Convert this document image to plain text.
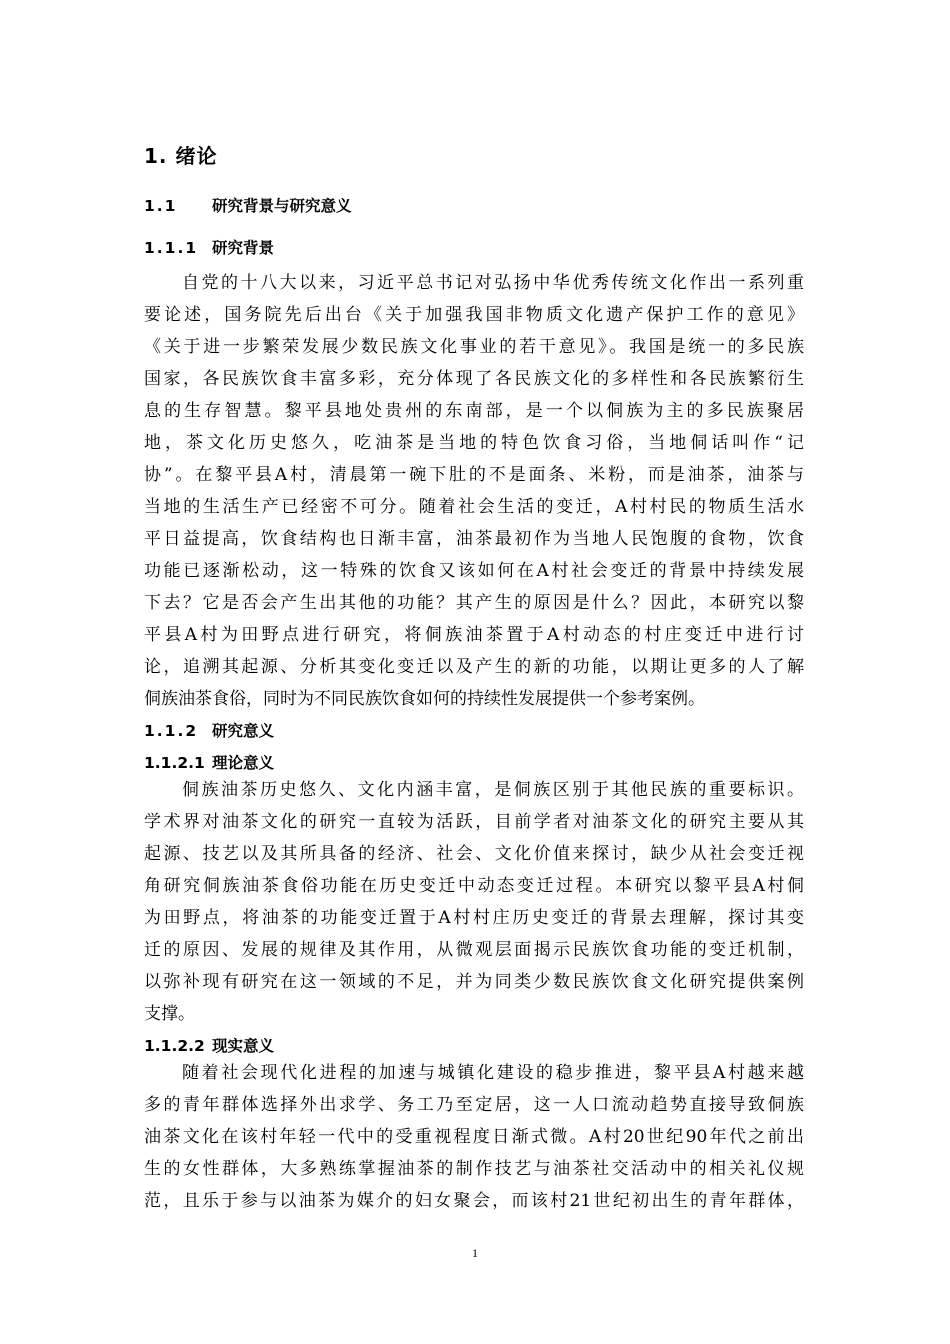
1. 绪论
1.1 研究背景与研究意义
1.1.1 研究背景
自党的十八大以来，习近平总书记对弘扬中华优秀传统文化作出一系列重
要论述，国务院先后出台《关于加强我国非物质文化遗产保护工作的意见》
《关于进一步繁荣发展少数民族文化事业的若干意见》。我国是统一的多民族
国家，各民族饮食丰富多彩，充分体现了各民族文化的多样性和各民族繁衍生
息的生存智慧。黎平县地处贵州的东南部，是一个以侗族为主的多民族聚居
地，茶文化历史悠久，吃油茶是当地的特色饮食习俗，当地侗话叫作“记
协”。在黎平县A村，清晨第一碗下肚的不是面条、米粉，而是油茶，油茶与
当地的生活生产已经密不可分。随着社会生活的变迁，A村村民的物质生活水
平日益提高，饮食结构也日渐丰富，油茶最初作为当地人民饱腹的食物，饮食
功能已逐渐松动，这一特殊的饮食又该如何在A村社会变迁的背景中持续发展
下去？它是否会产生出其他的功能？其产生的原因是什么？因此，本研究以黎
平县A村为田野点进行研究，将侗族油茶置于A村动态的村庄变迁中进行讨
论，追溯其起源、分析其变化变迁以及产生的新的功能，以期让更多的人了解
侗族油茶食俗，同时为不同民族饮食如何的持续性发展提供一个参考案例。
1.1.2 研究意义
1.1.2.1 理论意义
侗族油茶历史悠久、文化内涵丰富，是侗族区别于其他民族的重要标识。
学术界对油茶文化的研究一直较为活跃，目前学者对油茶文化的研究主要从其
起源、技艺以及其所具备的经济、社会、文化价值来探讨，缺少从社会变迁视
角研究侗族油茶食俗功能在历史变迁中动态变迁过程。本研究以黎平县A村侗
为田野点，将油茶的功能变迁置于A村村庄历史变迁的背景去理解，探讨其变
迁的原因、发展的规律及其作用，从微观层面揭示民族饮食功能的变迁机制，
以弥补现有研究在这一领域的不足，并为同类少数民族饮食文化研究提供案例
支撑。
1.1.2.2 现实意义
随着社会现代化进程的加速与城镇化建设的稳步推进，黎平县A村越来越
多的青年群体选择外出求学、务工乃至定居，这一人口流动趋势直接导致侗族
油茶文化在该村年轻一代中的受重视程度日渐式微。A村20世纪90年代之前出
生的女性群体，大多熟练掌握油茶的制作技艺与油茶社交活动中的相关礼仪规
范，且乐于参与以油茶为媒介的妇女聚会，而该村21世纪初出生的青年群体，
1
